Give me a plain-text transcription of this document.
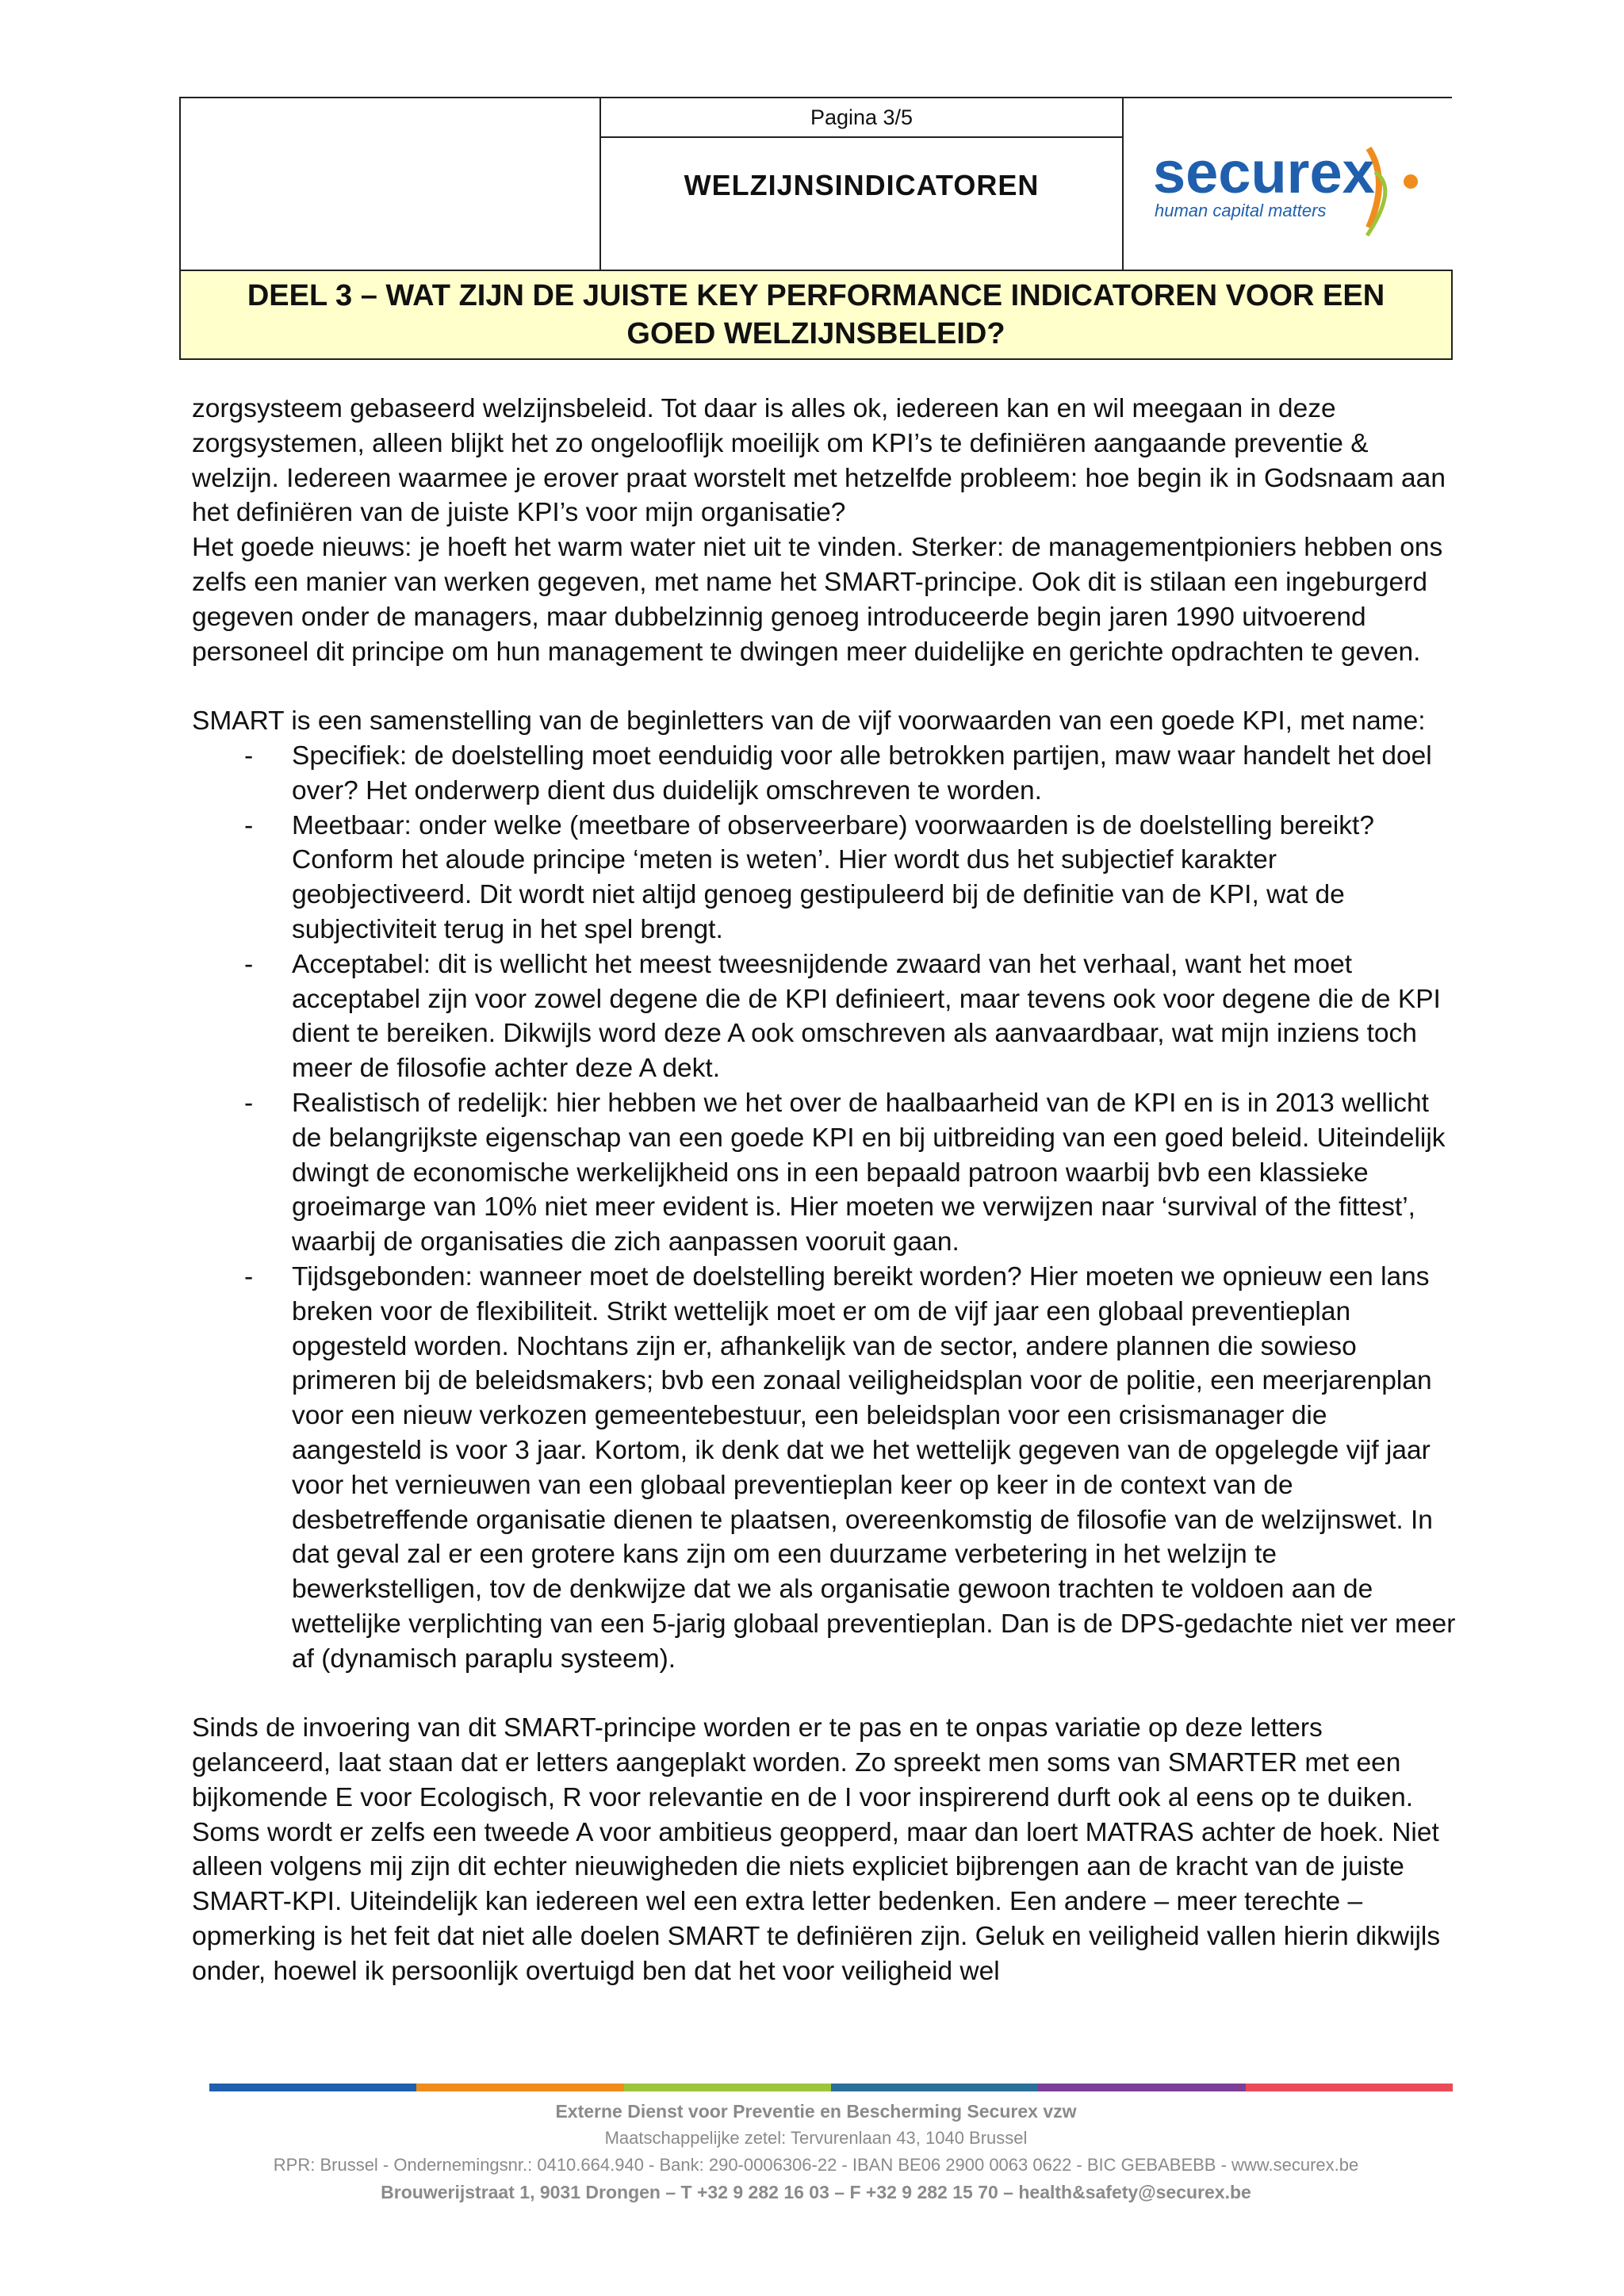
Pagina 3/5
WELZIJNSINDICATOREN	securex
human capital matters

DEEL 3 – WAT ZIJN DE JUISTE KEY PERFORMANCE INDICATOREN VOOR EEN
GOED WELZIJNSBELEID?

zorgsysteem gebaseerd welzijnsbeleid. Tot daar is alles ok, iedereen kan en wil meegaan in deze zorgsystemen, alleen blijkt het zo ongelooflijk moeilijk om KPI’s te definiëren aangaande preventie & welzijn. Iedereen waarmee je erover praat worstelt met hetzelfde probleem: hoe begin ik in Godsnaam aan het definiëren van de juiste KPI’s voor mijn organisatie?

Het goede nieuws: je hoeft het warm water niet uit te vinden. Sterker: de managementpioniers hebben ons zelfs een manier van werken gegeven, met name het SMART-principe. Ook dit is stilaan een ingeburgerd gegeven onder de managers, maar dubbelzinnig genoeg introduceerde begin jaren 1990 uitvoerend personeel dit principe om hun management te dwingen meer duidelijke en gerichte opdrachten te geven.

SMART is een samenstelling van de beginletters van de vijf voorwaarden van een goede KPI, met name:

- Specifiek: de doelstelling moet eenduidig voor alle betrokken partijen, maw waar handelt het doel over? Het onderwerp dient dus duidelijk omschreven te worden.
- Meetbaar: onder welke (meetbare of observeerbare) voorwaarden is de doelstelling bereikt? Conform het aloude principe ‘meten is weten’. Hier wordt dus het subjectief karakter geobjectiveerd. Dit wordt niet altijd genoeg gestipuleerd bij de definitie van de KPI, wat de subjectiviteit terug in het spel brengt.
- Acceptabel: dit is wellicht het meest tweesnijdende zwaard van het verhaal, want het moet acceptabel zijn voor zowel degene die de KPI definieert, maar tevens ook voor degene die de KPI dient te bereiken. Dikwijls word deze A ook omschreven als aanvaardbaar, wat mijn inziens toch meer de filosofie achter deze A dekt.
- Realistisch of redelijk: hier hebben we het over de haalbaarheid van de KPI en is in 2013 wellicht de belangrijkste eigenschap van een goede KPI en bij uitbreiding van een goed beleid. Uiteindelijk dwingt de economische werkelijkheid ons in een bepaald patroon waarbij bvb een klassieke groeimarge van 10% niet meer evident is. Hier moeten we verwijzen naar ‘survival of the fittest’, waarbij de organisaties die zich aanpassen vooruit gaan.
- Tijdsgebonden: wanneer moet de doelstelling bereikt worden? Hier moeten we opnieuw een lans breken voor de flexibiliteit. Strikt wettelijk moet er om de vijf jaar een globaal preventieplan opgesteld worden. Nochtans zijn er, afhankelijk van de sector, andere plannen die sowieso primeren bij de beleidsmakers; bvb een zonaal veiligheidsplan voor de politie, een meerjarenplan voor een nieuw verkozen gemeentebestuur, een beleidsplan voor een crisismanager die aangesteld is voor 3 jaar. Kortom, ik denk dat we het wettelijk gegeven van de opgelegde vijf jaar voor het vernieuwen van een globaal preventieplan keer op keer in de context van de desbetreffende organisatie dienen te plaatsen, overeenkomstig de filosofie van de welzijnswet. In dat geval zal er een grotere kans zijn om een duurzame verbetering in het welzijn te bewerkstelligen, tov de denkwijze dat we als organisatie gewoon trachten te voldoen aan de wettelijke verplichting van een 5-jarig globaal preventieplan. Dan is de DPS-gedachte niet ver meer af (dynamisch paraplu systeem).

Sinds de invoering van dit SMART-principe worden er te pas en te onpas variatie op deze letters gelanceerd, laat staan dat er letters aangeplakt worden. Zo spreekt men soms van SMARTER met een bijkomende E voor Ecologisch, R voor relevantie en de I voor inspirerend durft ook al eens op te duiken. Soms wordt er zelfs een tweede A voor ambitieus geopperd, maar dan loert MATRAS achter de hoek. Niet alleen volgens mij zijn dit echter nieuwigheden die niets expliciet bijbrengen aan de kracht van de juiste SMART-KPI. Uiteindelijk kan iedereen wel een extra letter bedenken. Een andere – meer terechte – opmerking is het feit dat niet alle doelen SMART te definiëren zijn. Geluk en veiligheid vallen hierin dikwijls onder, hoewel ik persoonlijk overtuigd ben dat het voor veiligheid wel

Externe Dienst voor Preventie en Bescherming Securex vzw
Maatschappelijke zetel: Tervurenlaan 43, 1040 Brussel
RPR: Brussel - Ondernemingsnr.: 0410.664.940 - Bank: 290-0006306-22 - IBAN BE06 2900 0063 0622 - BIC GEBABEBB - www.securex.be
Brouwerijstraat 1, 9031 Drongen – T +32 9 282 16 03 – F +32 9 282 15 70 – health&safety@securex.be
